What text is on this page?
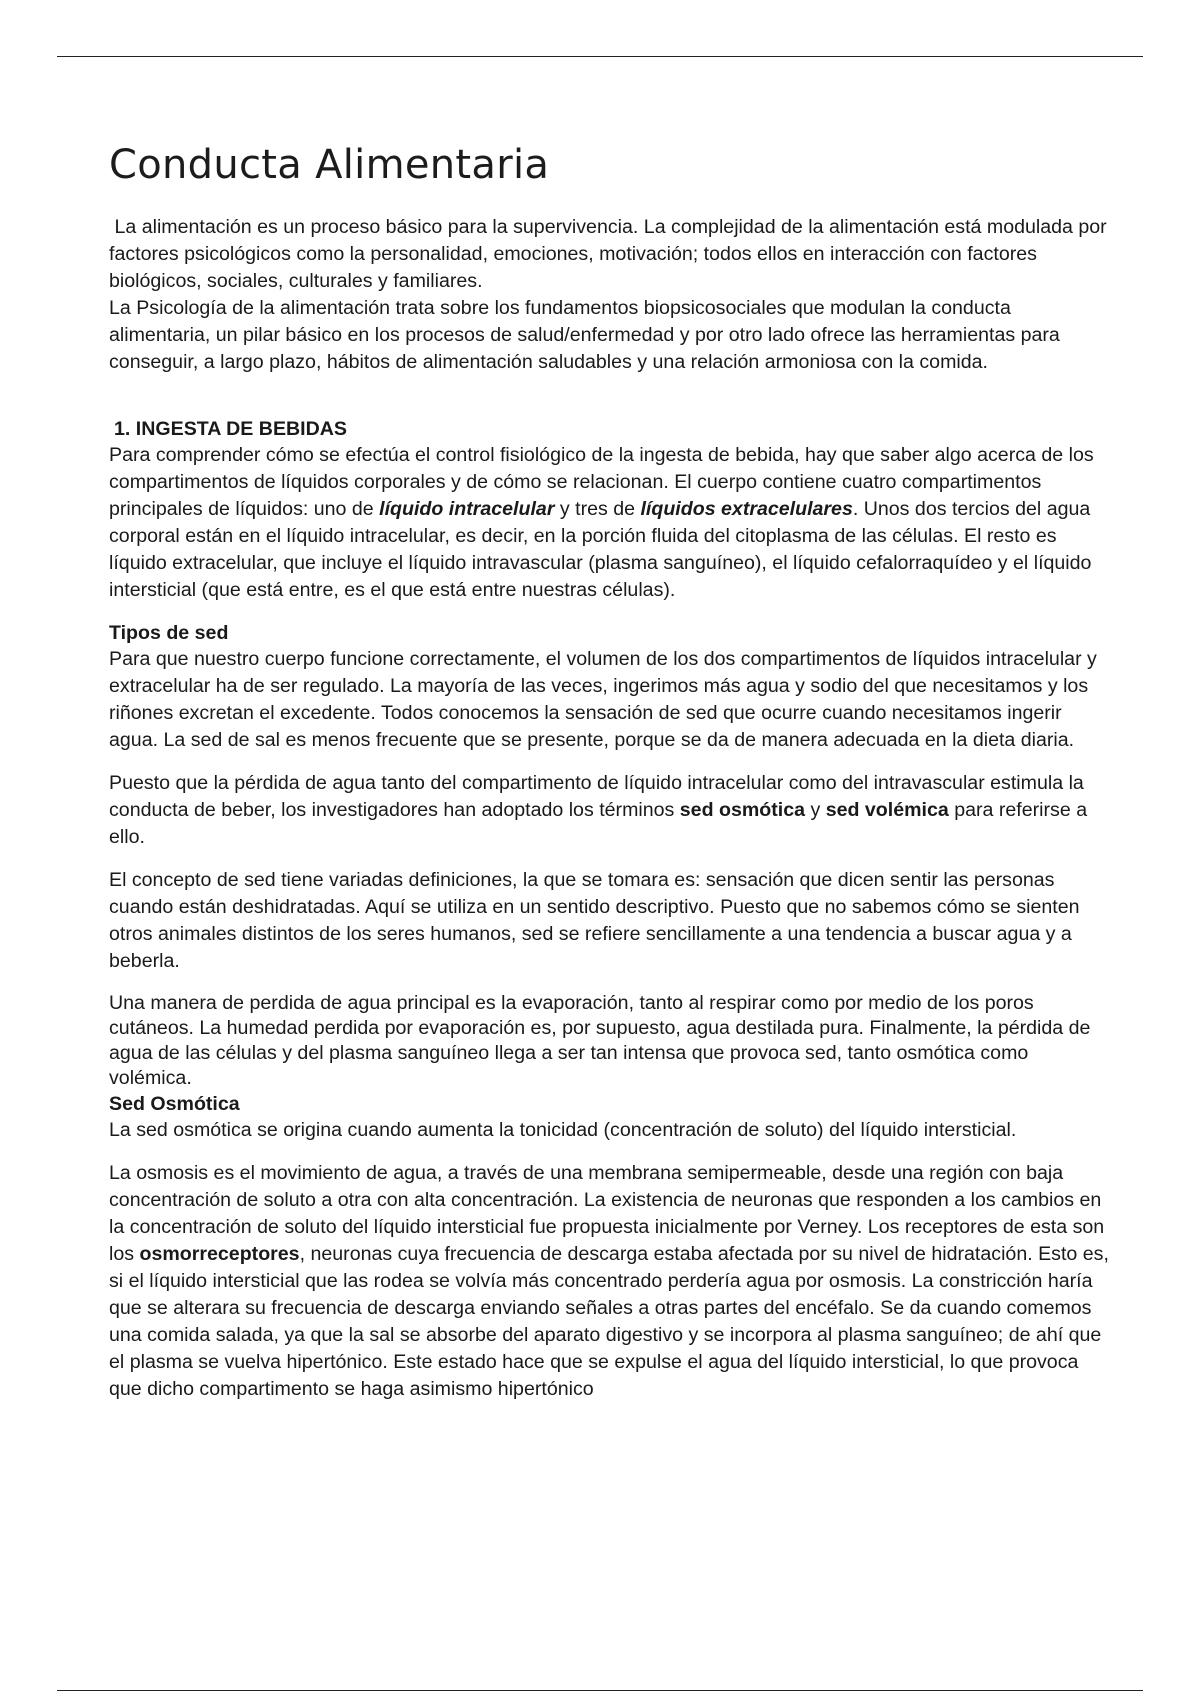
Conducta Alimentaria

La alimentación es un proceso básico para la supervivencia. La complejidad de la alimentación está modulada por factores psicológicos como la personalidad, emociones, motivación; todos ellos en interacción con factores biológicos, sociales, culturales y familiares.

La Psicología de la alimentación trata sobre los fundamentos biopsicosociales que modulan la conducta alimentaria, un pilar básico en los procesos de salud/enfermedad y por otro lado ofrece las herramientas para conseguir, a largo plazo, hábitos de alimentación saludables y una relación armoniosa con la comida.

1. INGESTA DE BEBIDAS

Para comprender cómo se efectúa el control fisiológico de la ingesta de bebida, hay que saber algo acerca de los compartimentos de líquidos corporales y de cómo se relacionan. El cuerpo contiene cuatro compartimentos principales de líquidos: uno de líquido intracelular y tres de líquidos extracelulares. Unos dos tercios del agua corporal están en el líquido intracelular, es decir, en la porción fluida del citoplasma de las células. El resto es líquido extracelular, que incluye el líquido intravascular (plasma sanguíneo), el líquido cefalorraquídeo y el líquido intersticial (que está entre, es el que está entre nuestras células).

Tipos de sed

Para que nuestro cuerpo funcione correctamente, el volumen de los dos compartimentos de líquidos intracelular y extracelular ha de ser regulado. La mayoría de las veces, ingerimos más agua y sodio del que necesitamos y los riñones excretan el excedente. Todos conocemos la sensación de sed que ocurre cuando necesitamos ingerir agua. La sed de sal es menos frecuente que se presente, porque se da de manera adecuada en la dieta diaria.

Puesto que la pérdida de agua tanto del compartimento de líquido intracelular como del intravascular estimula la conducta de beber, los investigadores han adoptado los términos sed osmótica y sed volémica para referirse a ello.

El concepto de sed tiene variadas definiciones, la que se tomara es: sensación que dicen sentir las personas cuando están deshidratadas. Aquí se utiliza en un sentido descriptivo. Puesto que no sabemos cómo se sienten otros animales distintos de los seres humanos, sed se refiere sencillamente a una tendencia a buscar agua y a beberla.

Una manera de perdida de agua principal es la evaporación, tanto al respirar como por medio de los poros cutáneos. La humedad perdida por evaporación es, por supuesto, agua destilada pura. Finalmente, la pérdida de agua de las células y del plasma sanguíneo llega a ser tan intensa que provoca sed, tanto osmótica como volémica.

Sed Osmótica

La sed osmótica se origina cuando aumenta la tonicidad (concentración de soluto) del líquido intersticial.

La osmosis es el movimiento de agua, a través de una membrana semipermeable, desde una región con baja concentración de soluto a otra con alta concentración. La existencia de neuronas que responden a los cambios en la concentración de soluto del líquido intersticial fue propuesta inicialmente por Verney. Los receptores de esta son los osmorreceptores, neuronas cuya frecuencia de descarga estaba afectada por su nivel de hidratación. Esto es, si el líquido intersticial que las rodea se volvía más concentrado perdería agua por osmosis. La constricción haría que se alterara su frecuencia de descarga enviando señales a otras partes del encéfalo. Se da cuando comemos una comida salada, ya que la sal se absorbe del aparato digestivo y se incorpora al plasma sanguíneo; de ahí que el plasma se vuelva hipertónico. Este estado hace que se expulse el agua del líquido intersticial, lo que provoca que dicho compartimento se haga asimismo hipertónico
